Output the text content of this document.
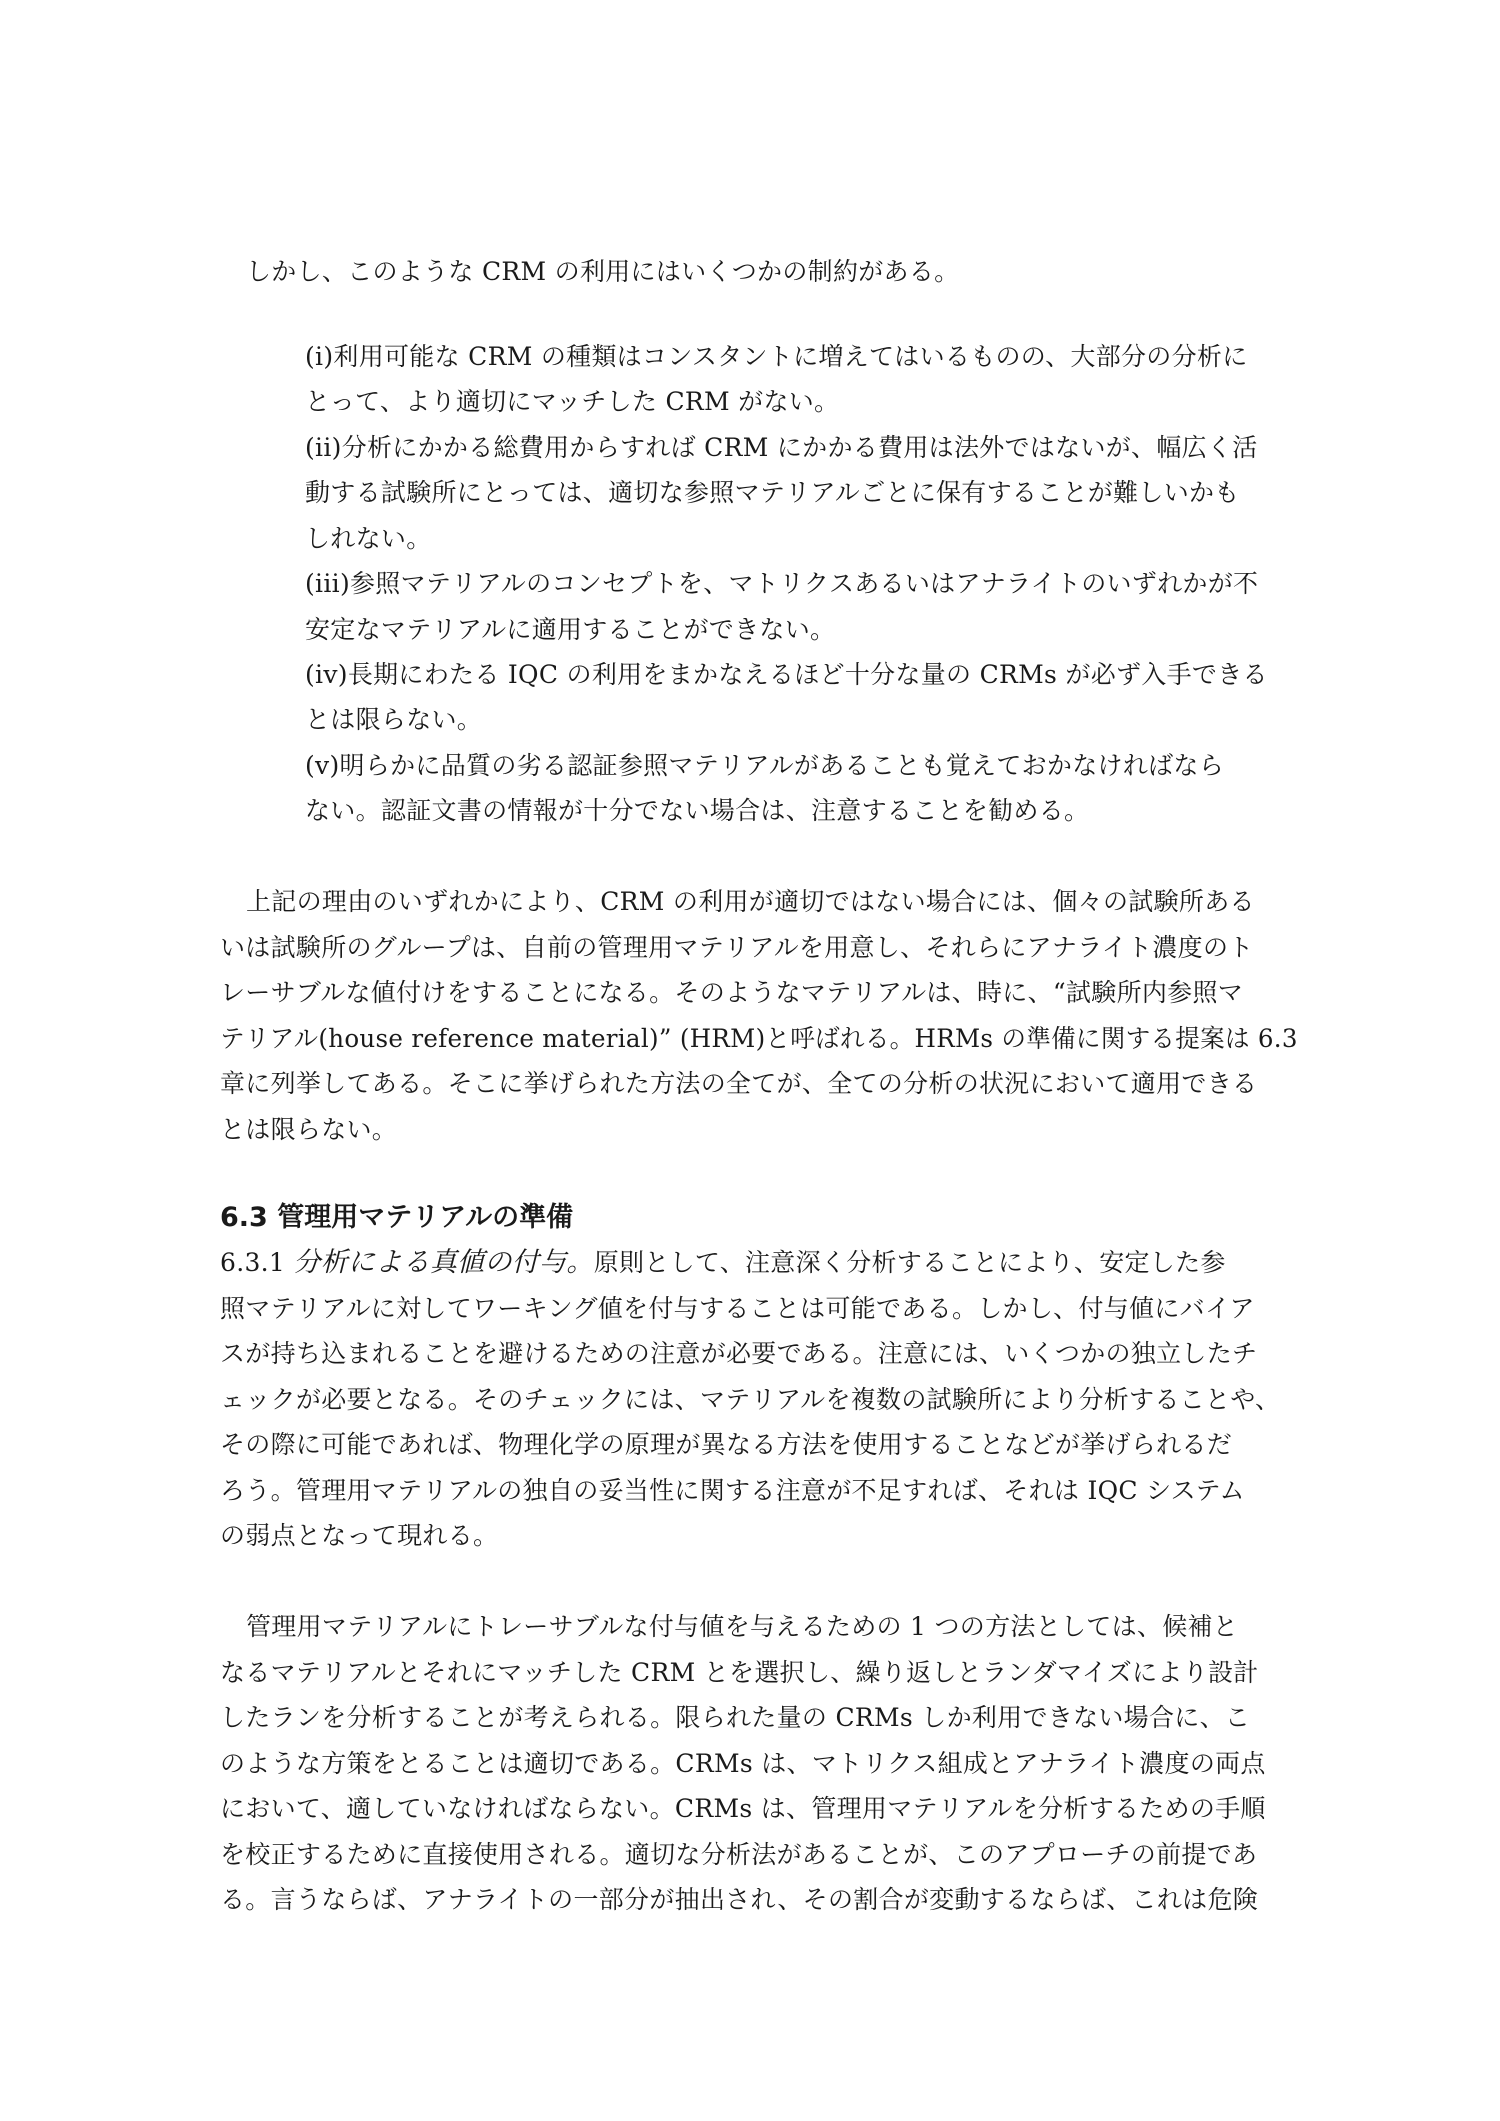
しかし、このような CRM の利用にはいくつかの制約がある。
(i)利用可能な CRM の種類はコンスタントに増えてはいるものの、大部分の分析に
とって、より適切にマッチした CRM がない。
(ii)分析にかかる総費用からすれば CRM にかかる費用は法外ではないが、幅広く活
動する試験所にとっては、適切な参照マテリアルごとに保有することが難しいかも
しれない。
(iii)参照マテリアルのコンセプトを、マトリクスあるいはアナライトのいずれかが不
安定なマテリアルに適用することができない。
(iv)長期にわたる IQC の利用をまかなえるほど十分な量の CRMs が必ず入手できる
とは限らない。
(v)明らかに品質の劣る認証参照マテリアルがあることも覚えておかなければなら
ない。認証文書の情報が十分でない場合は、注意することを勧める。
上記の理由のいずれかにより、CRM の利用が適切ではない場合には、個々の試験所ある
いは試験所のグループは、自前の管理用マテリアルを用意し、それらにアナライト濃度のト
レーサブルな値付けをすることになる。そのようなマテリアルは、時に、“試験所内参照マ
テリアル(house reference material)” (HRM)と呼ばれる。HRMs の準備に関する提案は 6.3
章に列挙してある。そこに挙げられた方法の全てが、全ての分析の状況において適用できる
とは限らない。
6.3 管理用マテリアルの準備
6.3.1 分析による真値の付与。原則として、注意深く分析することにより、安定した参
照マテリアルに対してワーキング値を付与することは可能である。しかし、付与値にバイア
スが持ち込まれることを避けるための注意が必要である。注意には、いくつかの独立したチ
ェックが必要となる。そのチェックには、マテリアルを複数の試験所により分析することや、
その際に可能であれば、物理化学の原理が異なる方法を使用することなどが挙げられるだ
ろう。管理用マテリアルの独自の妥当性に関する注意が不足すれば、それは IQC システム
の弱点となって現れる。
管理用マテリアルにトレーサブルな付与値を与えるための 1 つの方法としては、候補と
なるマテリアルとそれにマッチした CRM とを選択し、繰り返しとランダマイズにより設計
したランを分析することが考えられる。限られた量の CRMs しか利用できない場合に、こ
のような方策をとることは適切である。CRMs は、マトリクス組成とアナライト濃度の両点
において、適していなければならない。CRMs は、管理用マテリアルを分析するための手順
を校正するために直接使用される。適切な分析法があることが、このアプローチの前提であ
る。言うならば、アナライトの一部分が抽出され、その割合が変動するならば、これは危険
